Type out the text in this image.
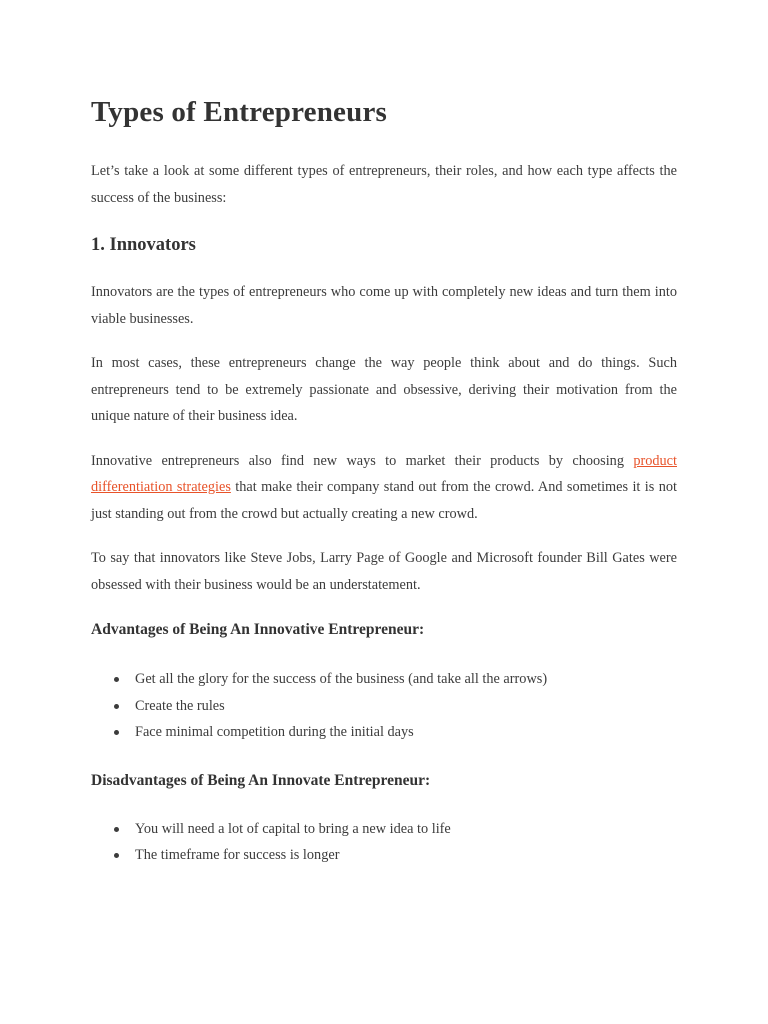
Types of Entrepreneurs

Let’s take a look at some different types of entrepreneurs, their roles, and how each type affects the success of the business:

1. Innovators

Innovators are the types of entrepreneurs who come up with completely new ideas and turn them into viable businesses.

In most cases, these entrepreneurs change the way people think about and do things. Such entrepreneurs tend to be extremely passionate and obsessive, deriving their motivation from the unique nature of their business idea.

Innovative entrepreneurs also find new ways to market their products by choosing product differentiation strategies that make their company stand out from the crowd. And sometimes it is not just standing out from the crowd but actually creating a new crowd.

To say that innovators like Steve Jobs, Larry Page of Google and Microsoft founder Bill Gates were obsessed with their business would be an understatement.

Advantages of Being An Innovative Entrepreneur:
Get all the glory for the success of the business (and take all the arrows)
Create the rules
Face minimal competition during the initial days
Disadvantages of Being An Innovate Entrepreneur:
You will need a lot of capital to bring a new idea to life
The timeframe for success is longer
